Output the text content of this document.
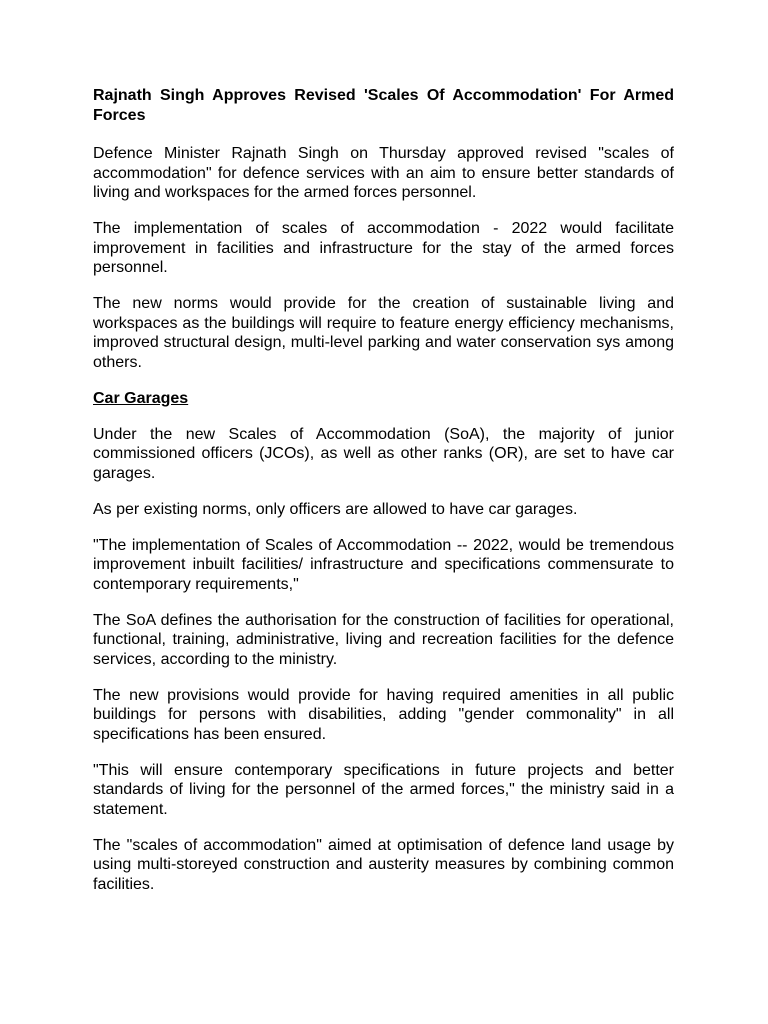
Rajnath Singh Approves Revised 'Scales Of Accommodation' For Armed Forces

Defence Minister Rajnath Singh on Thursday approved revised "scales of accommodation" for defence services with an aim to ensure better standards of living and workspaces for the armed forces personnel.

The implementation of scales of accommodation - 2022 would facilitate improvement in facilities and infrastructure for the stay of the armed forces personnel.

The new norms would provide for the creation of sustainable living and workspaces as the buildings will require to feature energy efficiency mechanisms, improved structural design, multi-level parking and water conservation sys among others.

Car Garages

Under the new Scales of Accommodation (SoA), the majority of junior commissioned officers (JCOs), as well as other ranks (OR), are set to have car garages.

As per existing norms, only officers are allowed to have car garages.

"The implementation of Scales of Accommodation -- 2022, would be tremendous improvement inbuilt facilities/ infrastructure and specifications commensurate to contemporary requirements,"

The SoA defines the authorisation for the construction of facilities for operational, functional, training, administrative, living and recreation facilities for the defence services, according to the ministry.

The new provisions would provide for having required amenities in all public buildings for persons with disabilities, adding "gender commonality" in all specifications has been ensured.

"This will ensure contemporary specifications in future projects and better standards of living for the personnel of the armed forces," the ministry said in a statement.

The "scales of accommodation" aimed at optimisation of defence land usage by using multi-storeyed construction and austerity measures by combining common facilities.
